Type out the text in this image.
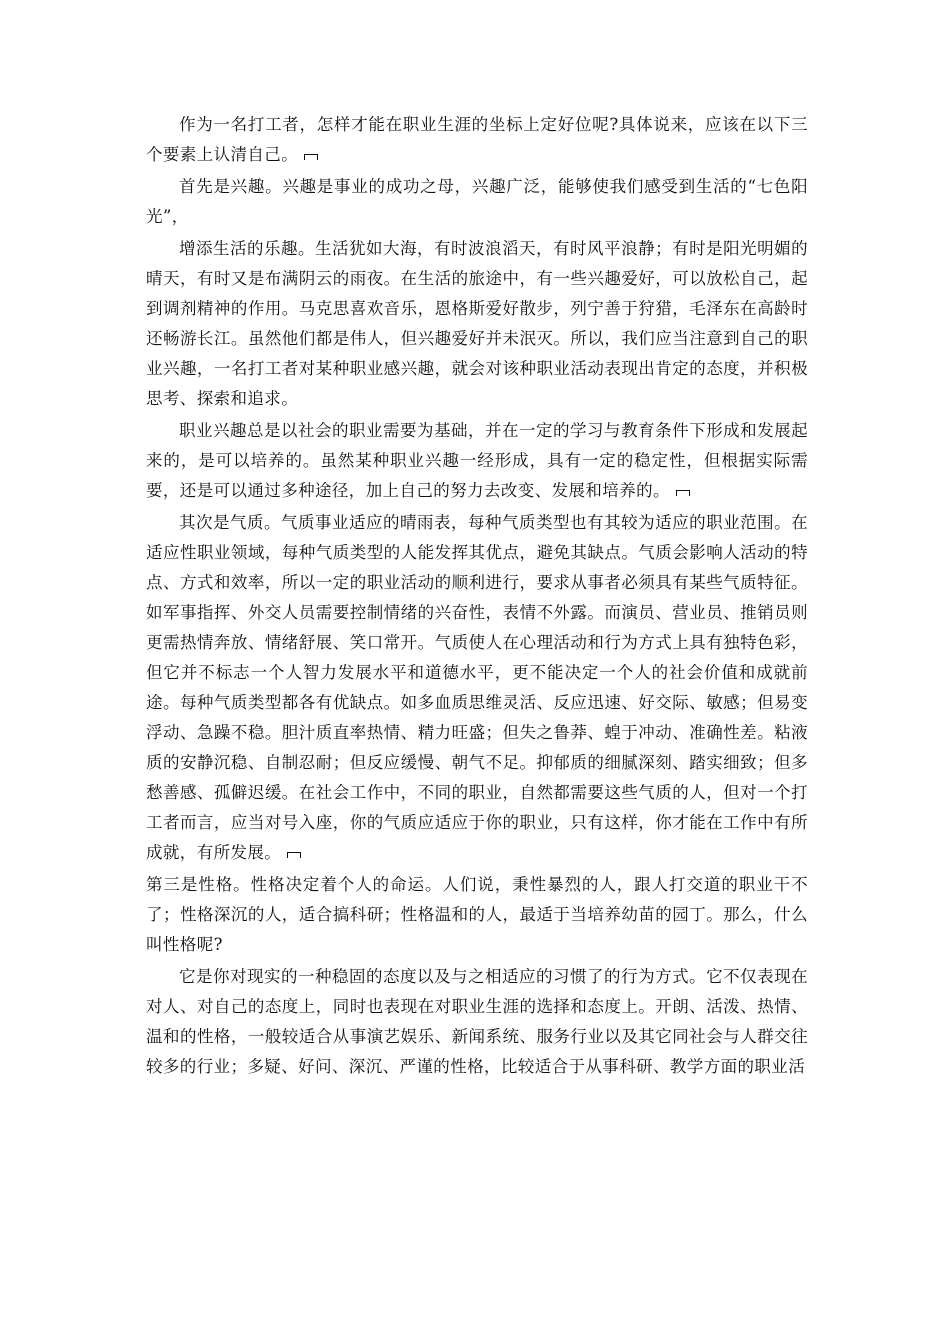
作为一名打工者，怎样才能在职业生涯的坐标上定好位呢?具体说来，应该在以下三个要素上认清自己。

首先是兴趣。兴趣是事业的成功之母，兴趣广泛，能够使我们感受到生活的“七色阳光”，

增添生活的乐趣。生活犹如大海，有时波浪滔天，有时风平浪静；有时是阳光明媚的晴天，有时又是布满阴云的雨夜。在生活的旅途中，有一些兴趣爱好，可以放松自己，起到调剂精神的作用。马克思喜欢音乐，恩格斯爱好散步，列宁善于狩猎，毛泽东在高龄时还畅游长江。虽然他们都是伟人，但兴趣爱好并未泯灭。所以，我们应当注意到自己的职业兴趣，一名打工者对某种职业感兴趣，就会对该种职业活动表现出肯定的态度，并积极思考、探索和追求。

职业兴趣总是以社会的职业需要为基础，并在一定的学习与教育条件下形成和发展起来的，是可以培养的。虽然某种职业兴趣一经形成，具有一定的稳定性，但根据实际需要，还是可以通过多种途径，加上自己的努力去改变、发展和培养的。

其次是气质。气质事业适应的晴雨表，每种气质类型也有其较为适应的职业范围。在适应性职业领域，每种气质类型的人能发挥其优点，避免其缺点。气质会影响人活动的特点、方式和效率，所以一定的职业活动的顺利进行，要求从事者必须具有某些气质特征。如军事指挥、外交人员需要控制情绪的兴奋性，表情不外露。而演员、营业员、推销员则更需热情奔放、情绪舒展、笑口常开。气质使人在心理活动和行为方式上具有独特色彩，但它并不标志一个人智力发展水平和道德水平，更不能决定一个人的社会价值和成就前途。每种气质类型都各有优缺点。如多血质思维灵活、反应迅速、好交际、敏感；但易变浮动、急躁不稳。胆汁质直率热情、精力旺盛；但失之鲁莽、蝗于冲动、准确性差。粘液质的安静沉稳、自制忍耐；但反应缓慢、朝气不足。抑郁质的细腻深刻、踏实细致；但多愁善感、孤僻迟缓。在社会工作中，不同的职业，自然都需要这些气质的人，但对一个打工者而言，应当对号入座，你的气质应适应于你的职业，只有这样，你才能在工作中有所成就，有所发展。

第三是性格。性格决定着个人的命运。人们说，秉性暴烈的人，跟人打交道的职业干不了；性格深沉的人，适合搞科研；性格温和的人，最适于当培养幼苗的园丁。那么，什么叫性格呢?

它是你对现实的一种稳固的态度以及与之相适应的习惯了的行为方式。它不仅表现在对人、对自己的态度上，同时也表现在对职业生涯的选择和态度上。开朗、活泼、热情、温和的性格，一般较适合从事演艺娱乐、新闻系统、服务行业以及其它同社会与人群交往较多的行业；多疑、好问、深沉、严谨的性格，比较适合于从事科研、教学方面的职业活
